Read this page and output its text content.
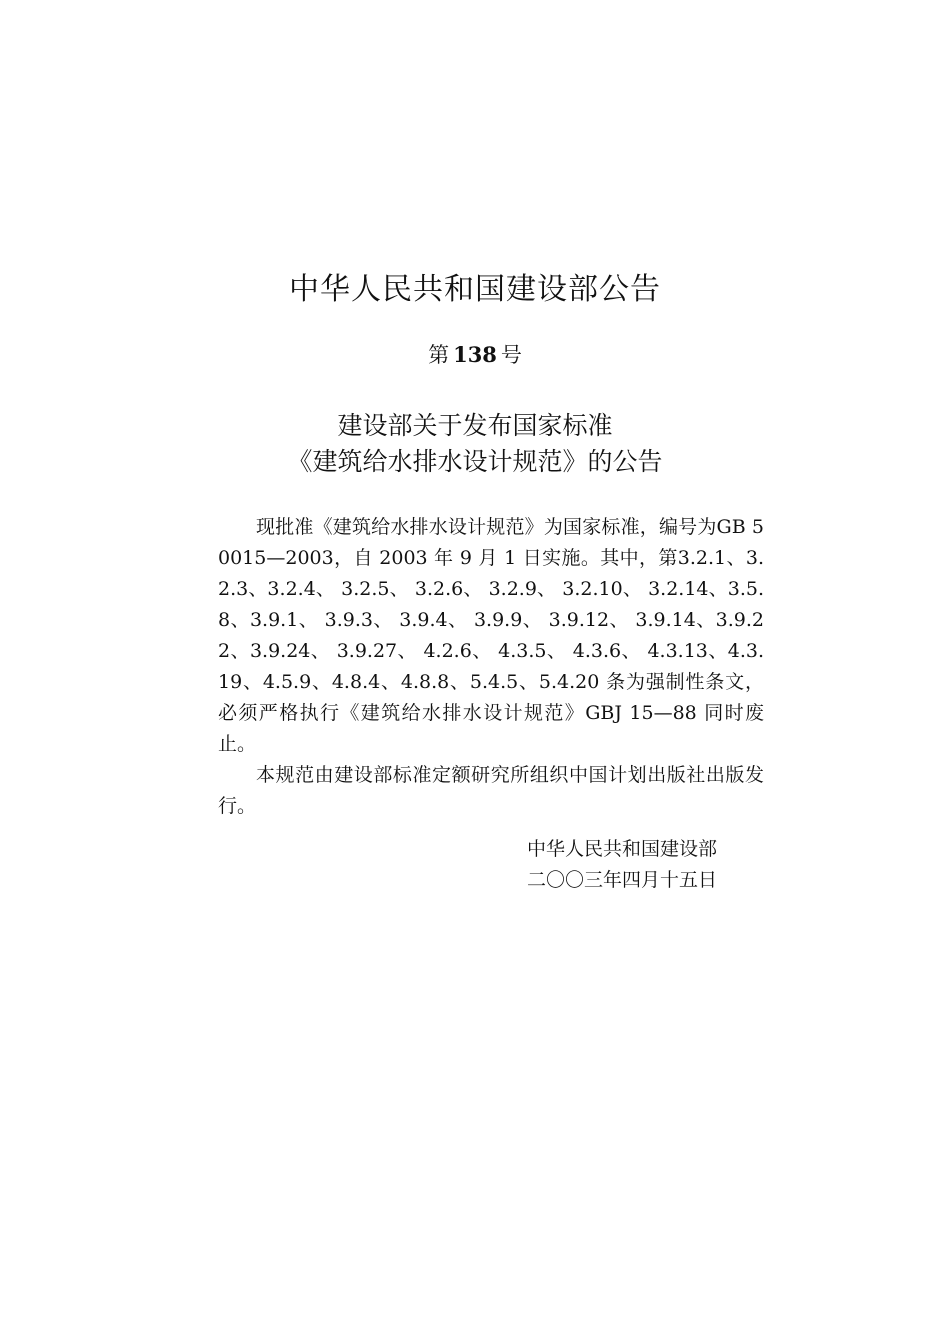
中华人民共和国建设部公告
第 138 号
建设部关于发布国家标准
《建筑给水排水设计规范》的公告

现批准《建筑给水排水设计规范》为国家标准，编号为GB 50015—2003，自 2003 年 9 月 1 日实施。其中，第3.2.1、3.2.3、3.2.4、 3.2.5、 3.2.6、 3.2.9、 3.2.10、 3.2.14、3.5.8、3.9.1、 3.9.3、 3.9.4、 3.9.9、 3.9.12、 3.9.14、3.9.22、3.9.24、 3.9.27、 4.2.6、 4.3.5、 4.3.6、 4.3.13、4.3.19、4.5.9、4.8.4、4.8.8、5.4.5、5.4.20 条为强制性条文，必须严格执行《建筑给水排水设计规范》GBJ 15—88 同时废止。

本规范由建设部标准定额研究所组织中国计划出版社出版发行。

中华人民共和国建设部
二〇〇三年四月十五日
